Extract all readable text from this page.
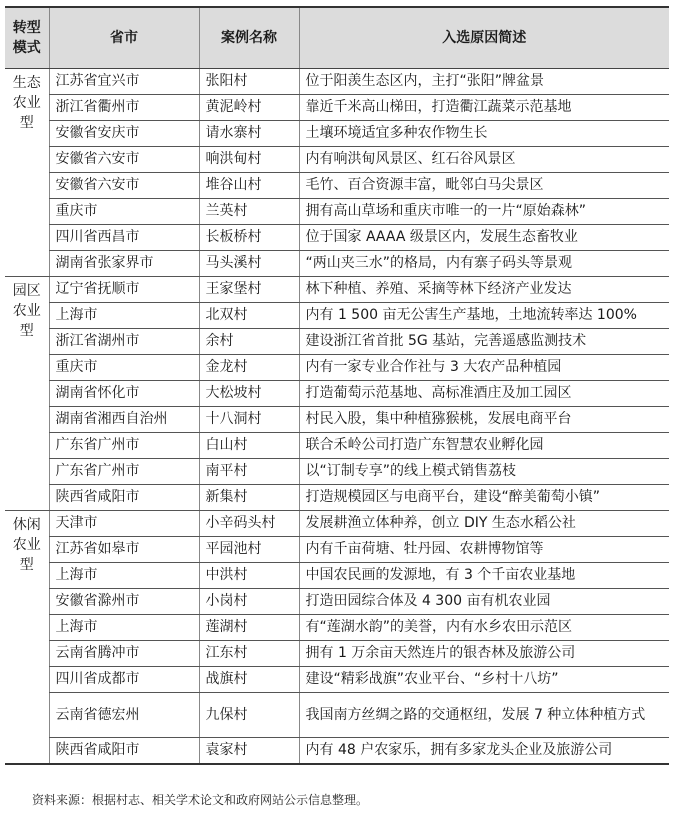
转型模式	省市	案例名称	入选原因简述
生态农业型	江苏省宜兴市	张阳村	位于阳羡生态区内，主打“张阳”牌盆景
	浙江省衢州市	黄泥岭村	靠近千米高山梯田，打造衢江蔬菜示范基地
	安徽省安庆市	请水寨村	土壤环境适宜多种农作物生长
	安徽省六安市	响洪甸村	内有响洪甸风景区、红石谷风景区
	安徽省六安市	堆谷山村	毛竹、百合资源丰富，毗邻白马尖景区
	重庆市	兰英村	拥有高山草场和重庆市唯一的一片“原始森林”
	四川省西昌市	长板桥村	位于国家 AAAA 级景区内，发展生态畜牧业
	湖南省张家界市	马头溪村	“两山夹三水”的格局，内有寨子码头等景观
园区农业型	辽宁省抚顺市	王家堡村	林下种植、养殖、采摘等林下经济产业发达
	上海市	北双村	内有 1 500 亩无公害生产基地，土地流转率达 100%
	浙江省湖州市	余村	建设浙江省首批 5G 基站，完善遥感监测技术
	重庆市	金龙村	内有一家专业合作社与 3 大农产品种植园
	湖南省怀化市	大松坡村	打造葡萄示范基地、高标准酒庄及加工园区
	湖南省湘西自治州	十八洞村	村民入股，集中种植猕猴桃，发展电商平台
	广东省广州市	白山村	联合禾岭公司打造广东智慧农业孵化园
	广东省广州市	南平村	以“订制专享”的线上模式销售荔枝
	陕西省咸阳市	新集村	打造规模园区与电商平台，建设“醉美葡萄小镇”
休闲农业型	天津市	小辛码头村	发展耕渔立体种养，创立 DIY 生态水稻公社
	江苏省如皋市	平园池村	内有千亩荷塘、牡丹园、农耕博物馆等
	上海市	中洪村	中国农民画的发源地，有 3 个千亩农业基地
	安徽省滁州市	小岗村	打造田园综合体及 4 300 亩有机农业园
	上海市	莲湖村	有“莲湖水韵”的美誉，内有水乡农田示范区
	云南省腾冲市	江东村	拥有 1 万余亩天然连片的银杏林及旅游公司
	四川省成都市	战旗村	建设“精彩战旗”农业平台、“乡村十八坊”
	云南省德宏州	九保村	我国南方丝绸之路的交通枢纽，发展 7 种立体种植方式
	陕西省咸阳市	袁家村	内有 48 户农家乐，拥有多家龙头企业及旅游公司
资料来源：根据村志、相关学术论文和政府网站公示信息整理。
